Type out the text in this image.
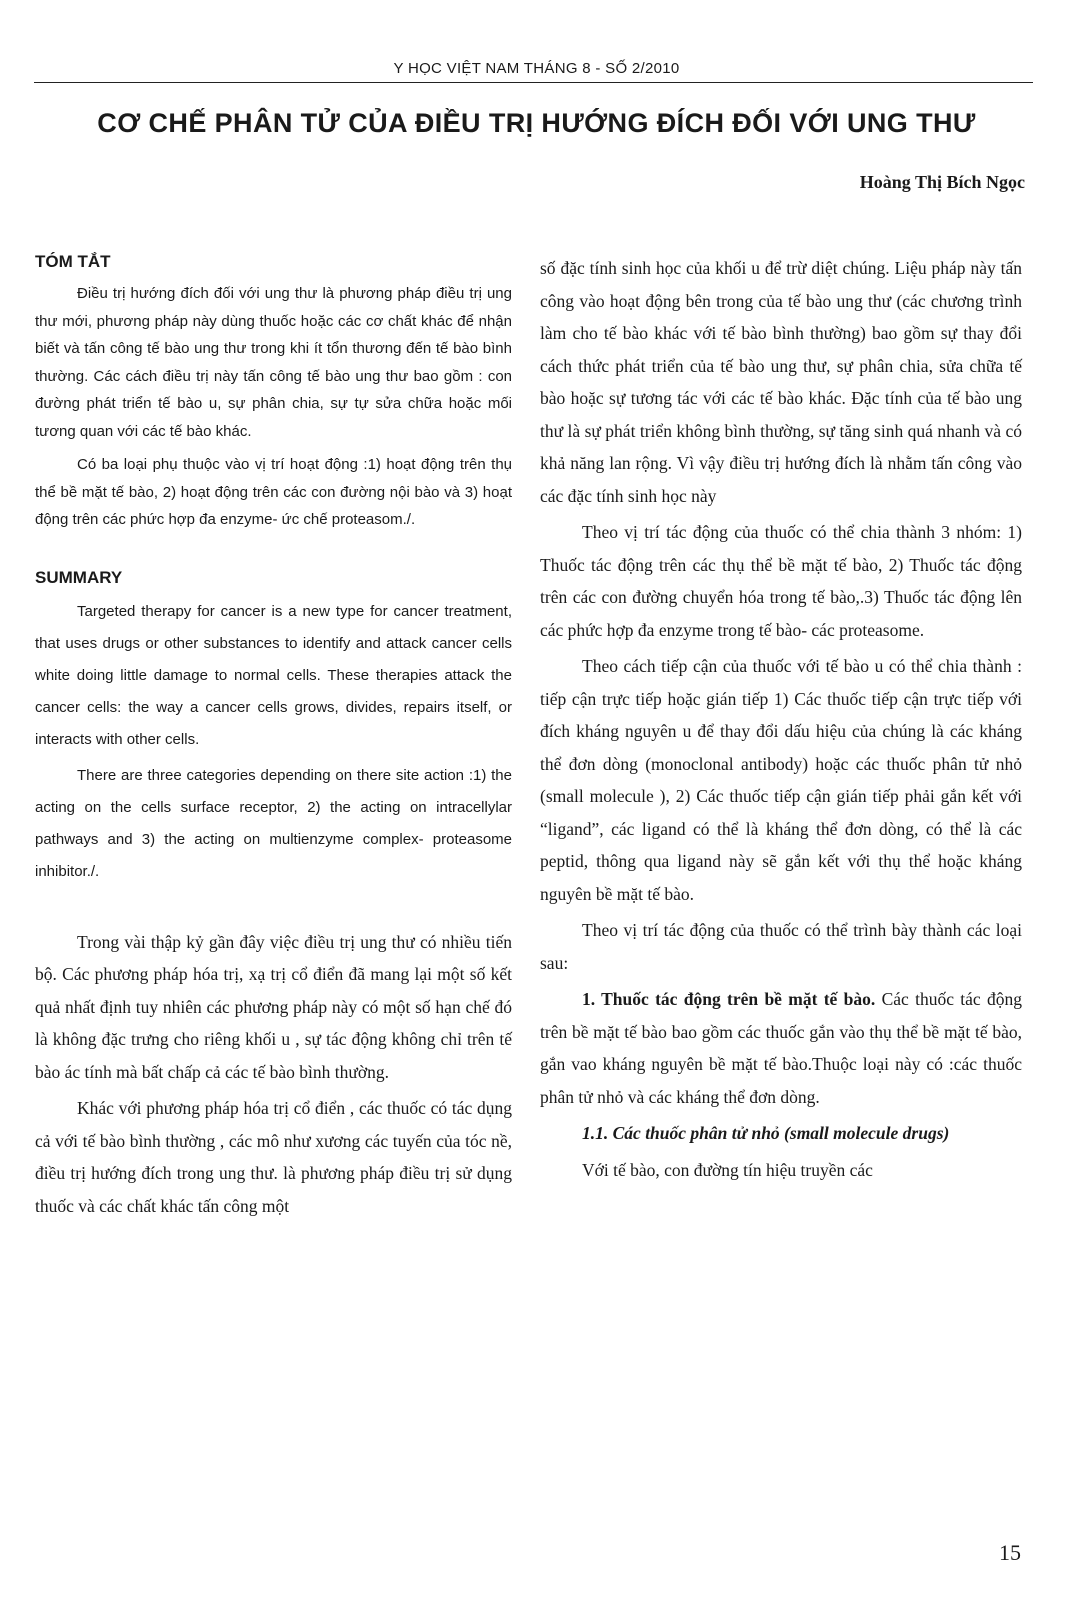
Y HỌC VIỆT NAM THÁNG 8 - SỐ 2/2010
CƠ CHẾ PHÂN TỬ CỦA ĐIỀU TRỊ HƯỚNG ĐÍCH ĐỐI VỚI UNG THƯ
Hoàng Thị Bích Ngọc
TÓM TẮT

Điều trị hướng đích đối với ung thư là phương pháp điều trị ung thư mới, phương pháp này dùng thuốc hoặc các cơ chất khác để nhận biết và tấn công tế bào ung thư trong khi ít tổn thương đến tế bào bình thường. Các cách điều trị này tấn công tế bào ung thư bao gồm : con đường phát triển tế bào u, sự phân chia, sự tự sửa chữa hoặc mối tương quan với các tế bào khác.

Có ba loại phụ thuộc vào vị trí hoạt động :1) hoạt động trên thụ thể bề mặt tế bào, 2) hoạt động trên các con đường nội bào và 3) hoạt động trên các phức hợp đa enzyme- ức chế proteasom./.

SUMMARY

Targeted therapy for cancer is a new type for cancer treatment, that uses drugs or other substances to identify and attack cancer cells white doing little damage to normal cells. These therapies attack the cancer cells: the way a cancer cells grows, divides, repairs itself, or interacts with other cells.

There are three categories depending on there site action :1) the acting on the cells surface receptor, 2) the acting on intracellylar pathways and 3) the acting on multienzyme complex- proteasome inhibitor./.

Trong vài thập kỷ gần đây việc điều trị ung thư có nhiều tiến bộ. Các phương pháp hóa trị, xạ trị cổ điển đã mang lại một số kết quả nhất định tuy nhiên các phương pháp này có một số hạn chế đó là không đặc trưng cho riêng khối u , sự tác động không chỉ trên tế bào ác tính mà bất chấp cả các tế bào bình thường.

Khác với phương pháp hóa trị cổ điển , các thuốc có tác dụng cả với tế bào bình thường , các mô như xương các tuyến của tóc nề, điều trị hướng đích trong ung thư. là phương pháp điều trị sử dụng thuốc và các chất khác tấn công một

số đặc tính sinh học của khối u để trừ diệt chúng. Liệu pháp này tấn công vào hoạt động bên trong của tế bào ung thư (các chương trình làm cho tế bào khác với tế bào bình thường) bao gồm sự thay đổi cách thức phát triển của tế bào ung thư, sự phân chia, sửa chữa tế bào hoặc sự tương tác với các tế bào khác. Đặc tính của tế bào ung thư là sự phát triển không bình thường, sự tăng sinh quá nhanh và có khả năng lan rộng. Vì vậy điều trị hướng đích là nhằm tấn công vào các đặc tính sinh học này

Theo vị trí tác động của thuốc có thể chia thành 3 nhóm: 1) Thuốc tác động trên các thụ thể bề mặt tế bào, 2) Thuốc tác động trên các con đường chuyển hóa trong tế bào,.3) Thuốc tác động lên các phức hợp đa enzyme trong tế bào- các proteasome.

Theo cách tiếp cận của thuốc với tế bào u có thể chia thành : tiếp cận trực tiếp hoặc gián tiếp 1) Các thuốc tiếp cận trực tiếp với đích kháng nguyên u để thay đổi dấu hiệu của chúng là các kháng thể đơn dòng (monoclonal antibody) hoặc các thuốc phân tử nhỏ (small molecule ), 2) Các thuốc tiếp cận gián tiếp phải gắn kết với “ligand”, các ligand có thể là kháng thể đơn dòng, có thể là các peptid, thông qua ligand này sẽ gắn kết với thụ thể hoặc kháng nguyên bề mặt tế bào.

Theo vị trí tác động của thuốc có thể trình bày thành các loại sau:

1. Thuốc tác động trên bề mặt tế bào. Các thuốc tác động trên bề mặt tế bào bao gồm các thuốc gắn vào thụ thể bề mặt tế bào, gắn vao kháng nguyên bề mặt tế bào.Thuộc loại này có :các thuốc phân tử nhỏ và các kháng thể đơn dòng.

1.1. Các thuốc phân tử nhỏ (small molecule drugs)

Với tế bào, con đường tín hiệu truyền các

15
